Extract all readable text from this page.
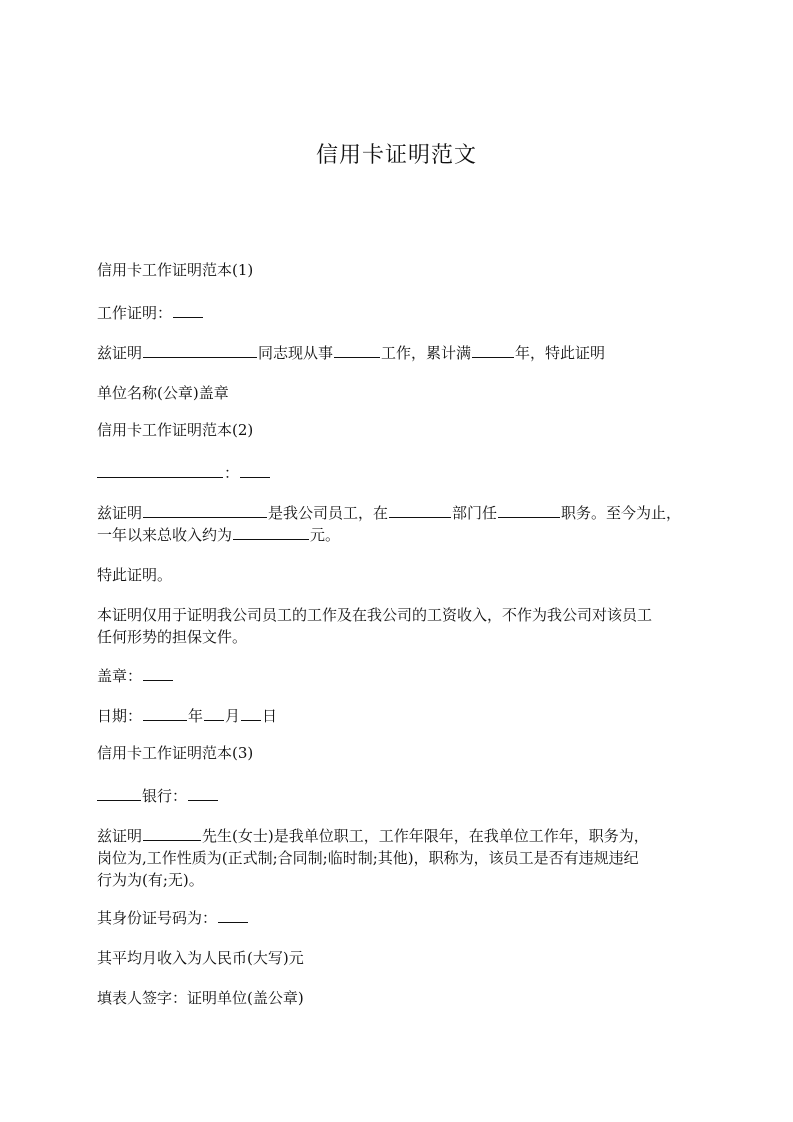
信用卡证明范文
信用卡工作证明范本(1)
工作证明：
兹证明	同志现从事	工作，累计满	年，特此证明
单位名称(公章)盖章
信用卡工作证明范本(2)
：
兹证明	是我公司员工，在	部门任	职务。至今为止，
一年以来总收入约为	元。
特此证明。
本证明仅用于证明我公司员工的工作及在我公司的工资收入，不作为我公司对该员工
任何形势的担保文件。
盖章：
日期：	年 月 日
信用卡工作证明范本(3)
银行：
兹证明	先生(女士)是我单位职工，工作年限年，在我单位工作年，职务为，
岗位为,工作性质为(正式制;合同制;临时制;其他)，职称为，该员工是否有违规违纪
行为为(有;无)。
其身份证号码为：
其平均月收入为人民币(大写)元
填表人签字：证明单位(盖公章)
